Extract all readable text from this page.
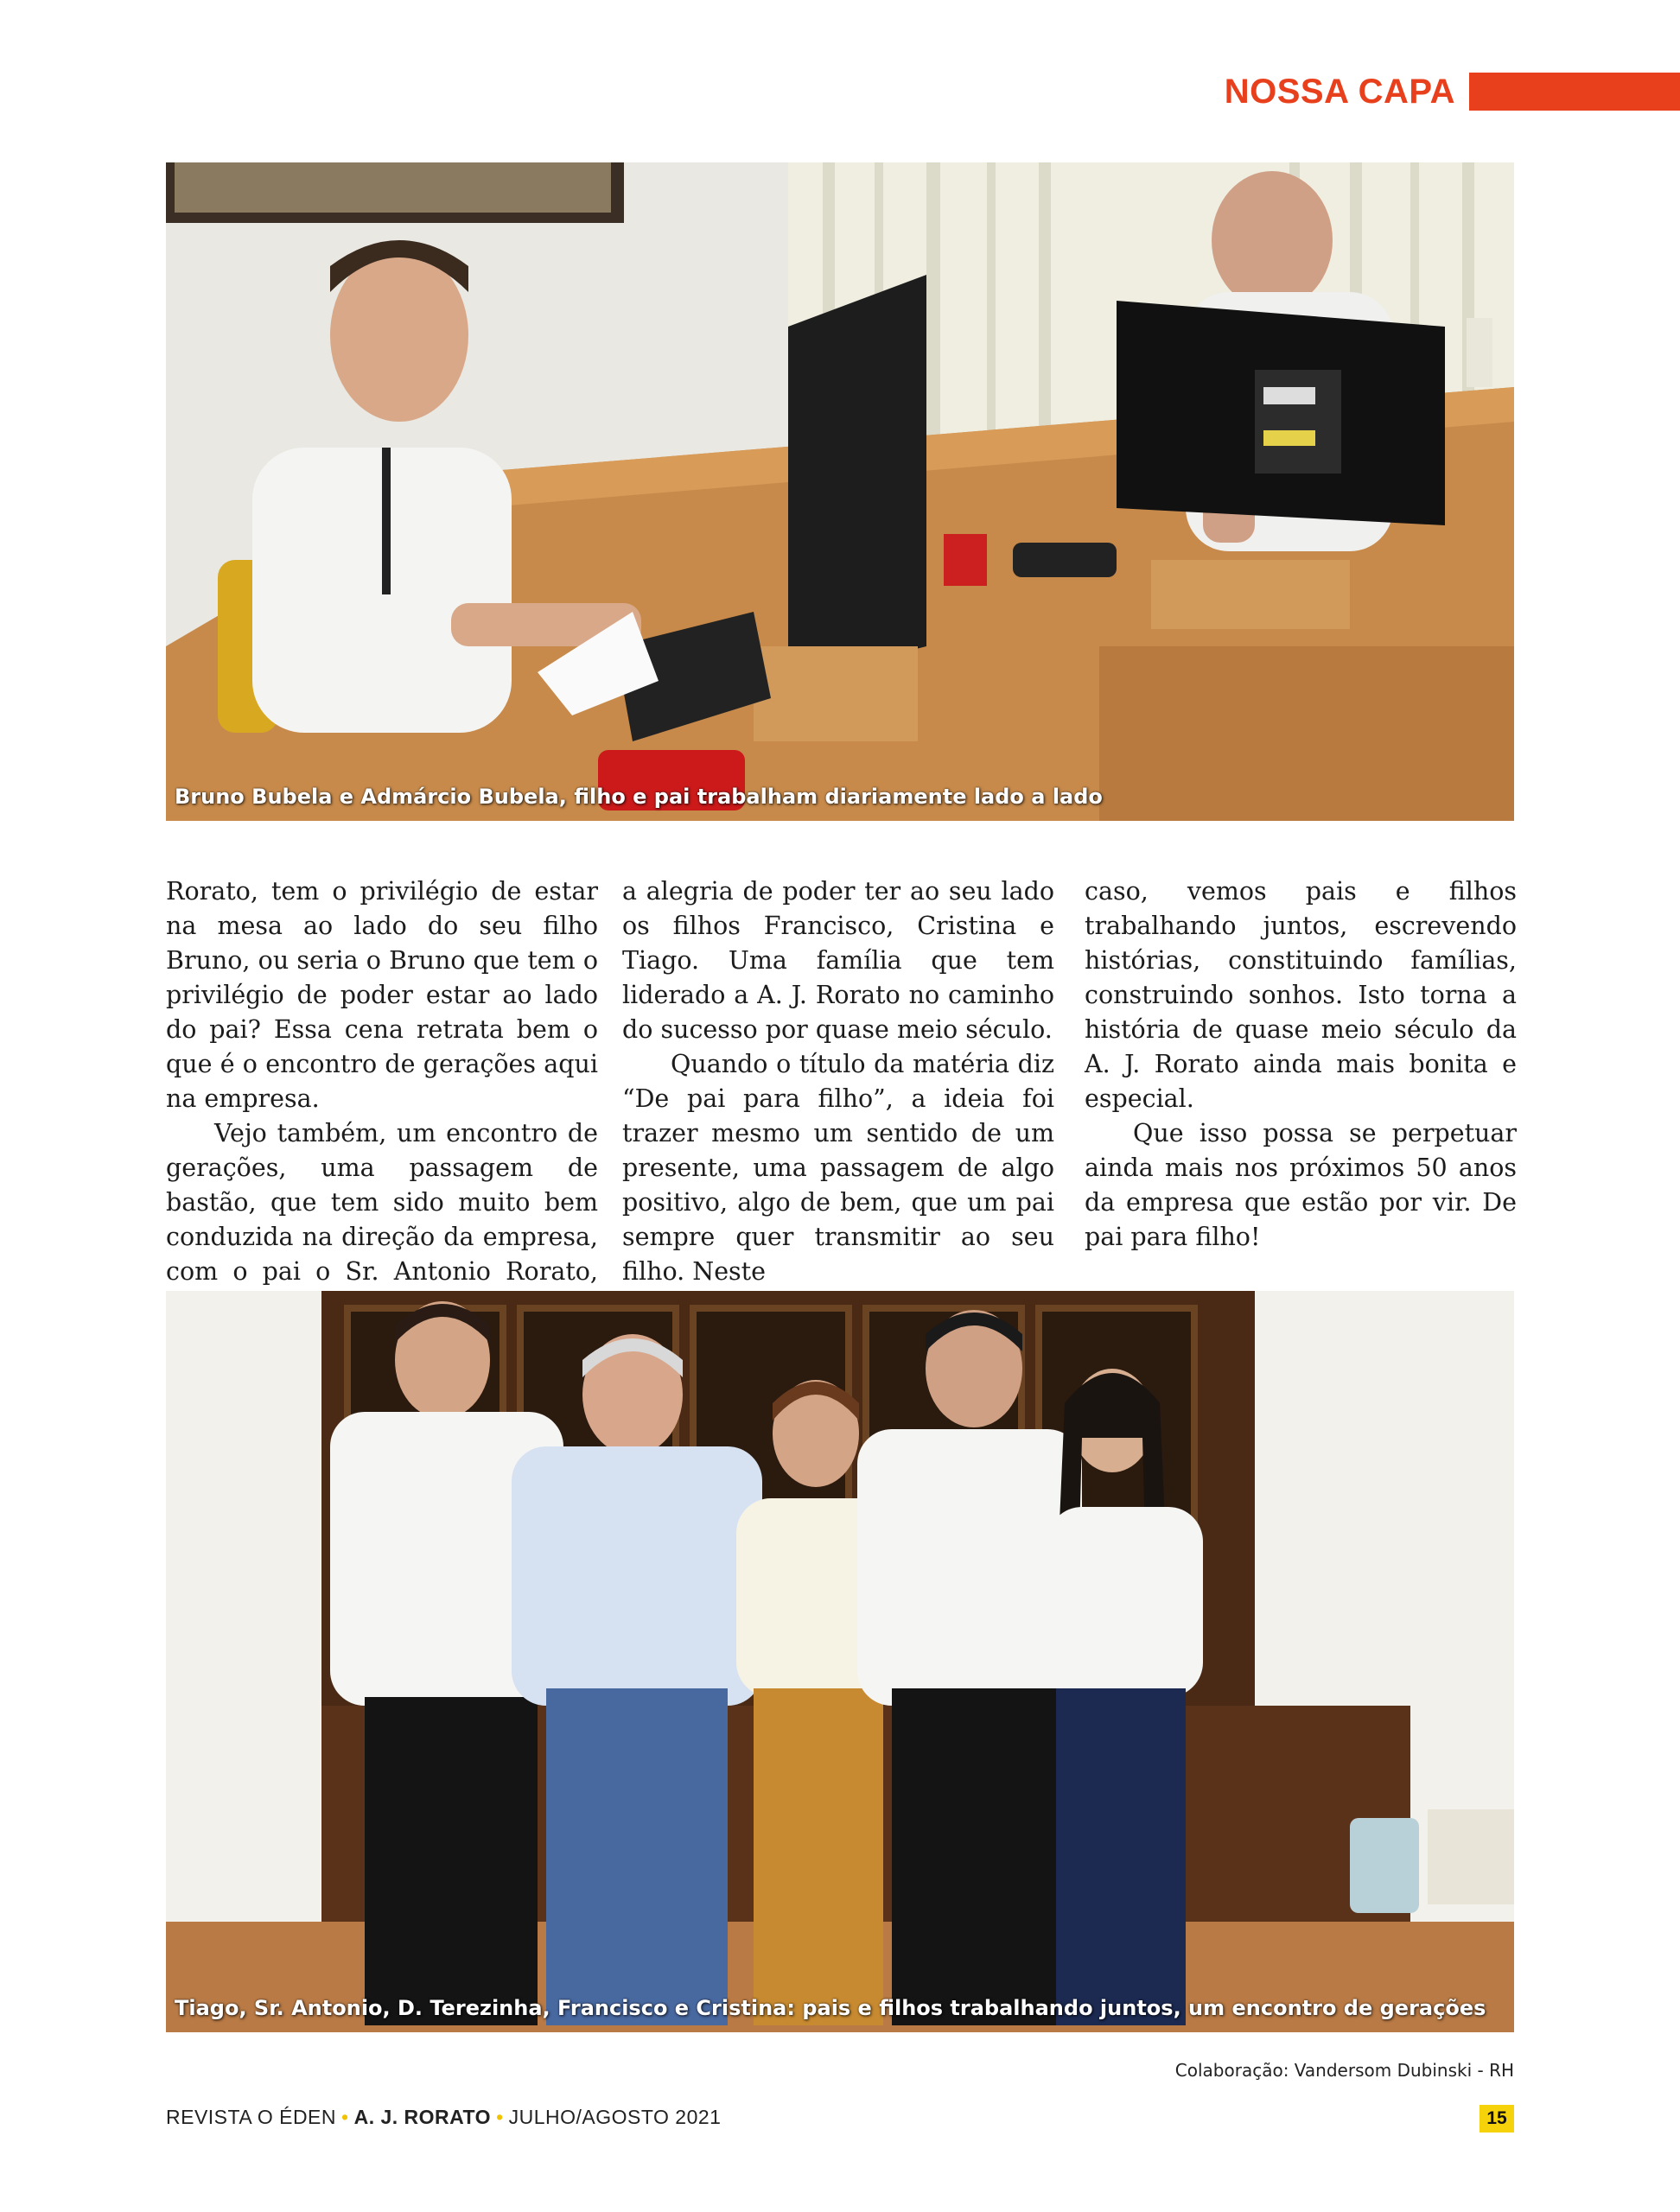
NOSSA CAPA
Bruno Bubela e Admárcio Bubela, filho e pai trabalham diariamente lado a lado

Rorato, tem o privilégio de estar na mesa ao lado do seu filho Bruno, ou seria o Bruno que tem o privilégio de poder estar ao lado do pai? Essa cena retrata bem o que é o encontro de gerações aqui na empresa.

Vejo também, um encontro de gerações, uma passagem de bastão, que tem sido muito bem conduzida na direção da empresa, com o pai o Sr. Antonio Rorato,

a alegria de poder ter ao seu lado os filhos Francisco, Cristina e Tiago. Uma família que tem liderado a A. J. Rorato no caminho do sucesso por quase meio século.

Quando o título da matéria diz “De pai para filho”, a ideia foi trazer mesmo um sentido de um presente, uma passagem de algo positivo, algo de bem, que um pai sempre quer transmitir ao seu filho. Neste

caso, vemos pais e filhos trabalhando juntos, escrevendo histórias, constituindo famílias, construindo sonhos. Isto torna a história de quase meio século da A. J. Rorato ainda mais bonita e especial.

Que isso possa se perpetuar ainda mais nos próximos 50 anos da empresa que estão por vir. De pai para filho!

Tiago, Sr. Antonio, D. Terezinha, Francisco e Cristina: pais e filhos trabalhando juntos, um encontro de gerações
Colaboração: Vandersom Dubinski - RH
REVISTA O ÉDEN • A. J. RORATO • JULHO/AGOSTO 2021	15
